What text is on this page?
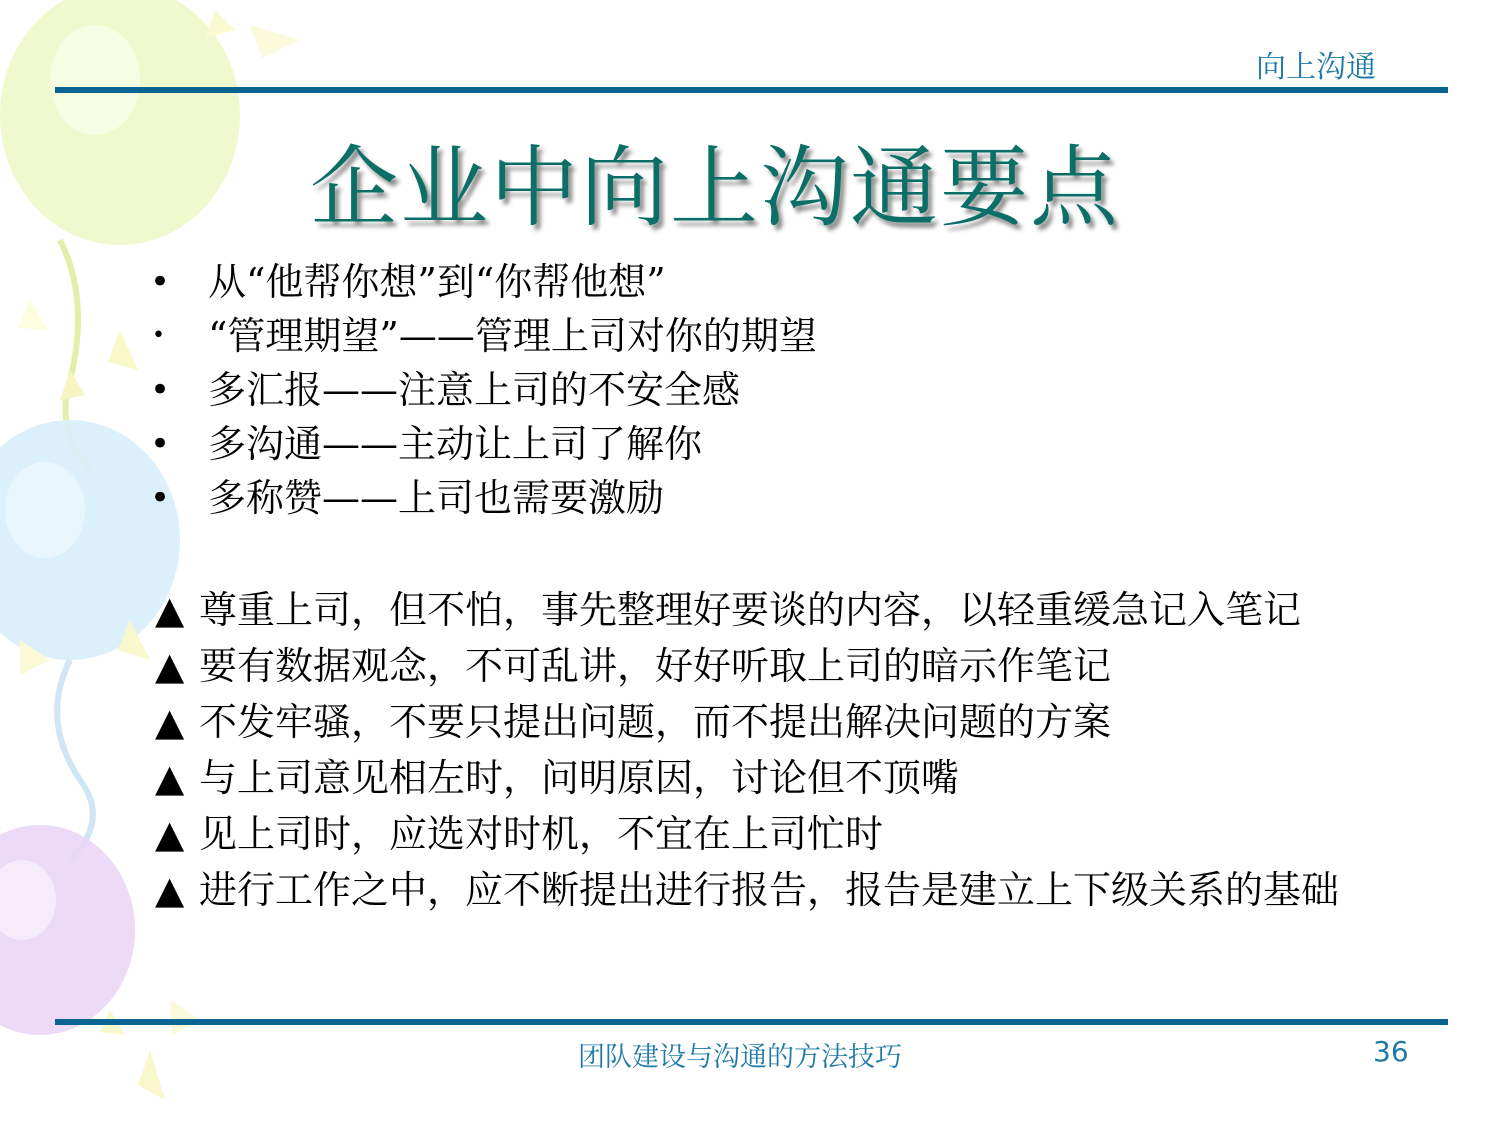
向上沟通
企业中向上沟通要点
• 从“他帮你想”到“你帮他想”
•	“管理期望”——管理上司对你的期望
• 多汇报——注意上司的不安全感
• 多沟通——主动让上司了解你
• 多称赞——上司也需要激励
▲ 尊重上司，但不怕，事先整理好要谈的内容，以轻重缓急记入笔记
▲ 要有数据观念，不可乱讲，好好听取上司的暗示作笔记
▲ 不发牢骚，不要只提出问题，而不提出解决问题的方案
▲ 与上司意见相左时，问明原因，讨论但不顶嘴
▲ 见上司时，应选对时机，不宜在上司忙时
▲ 进行工作之中，应不断提出进行报告，报告是建立上下级关系的基础
团队建设与沟通的方法技巧	36
